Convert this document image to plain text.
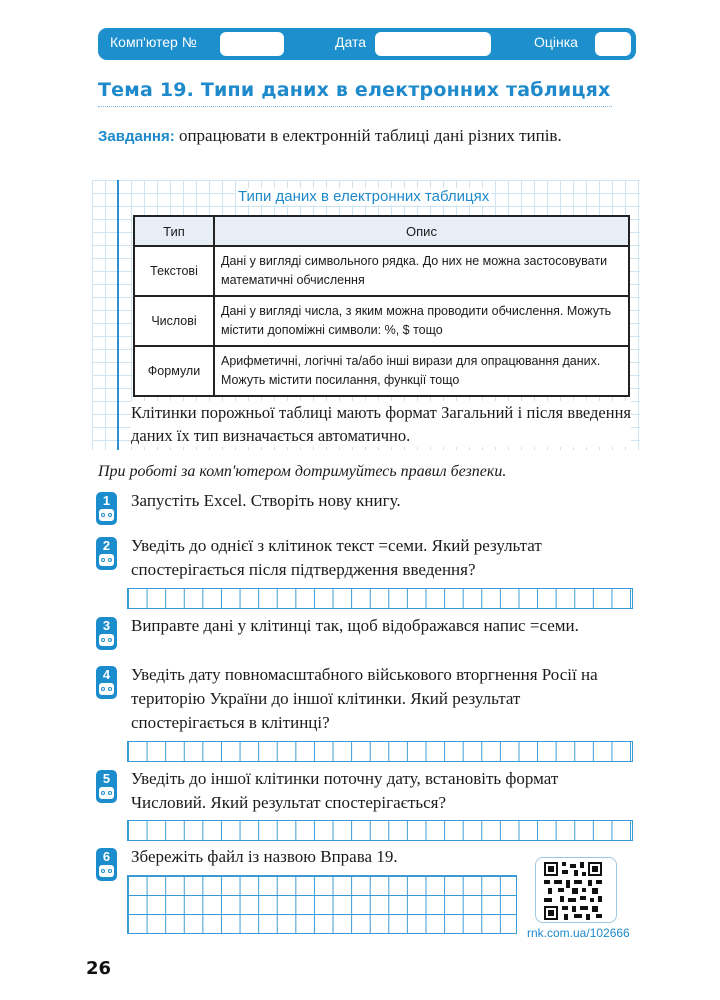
Комп'ютер №	Дата	Оцінка
Тема 19. Типи даних в електронних таблицях
Завдання: опрацювати в електронній таблиці дані різних типів.
Типи даних в електронних таблицях
Тип	Опис
Текстові	Дані у вигляді символьного рядка. До них не можна застосовувати математичні обчислення
Числові	Дані у вигляді числа, з яким можна проводити обчислення. Можуть містити допоміжні символи: %, $ тощо
Формули	Арифметичні, логічні та/або інші вирази для опрацювання даних. Можуть містити посилання, функції тощо
Клітинки порожньої таблиці мають формат Загальний і після введення даних їх тип визначається автоматично.
При роботі за комп'ютером дотримуйтесь правил безпеки.
1	Запустіть Excel. Створіть нову книгу.
2	Уведіть до однієї з клітинок текст =семи. Який результат спостерігається після підтвердження введення?
3	Виправте дані у клітинці так, щоб відображався напис =семи.
4	Уведіть дату повномасштабного військового вторгнення Росії на територію України до іншої клітинки. Який результат спостерігається в клітинці?
5	Уведіть до іншої клітинки поточну дату, встановіть формат Числовий. Який результат спостерігається?
6	Збережіть файл із назвою Вправа 19.
rnk.com.ua/102666
26
